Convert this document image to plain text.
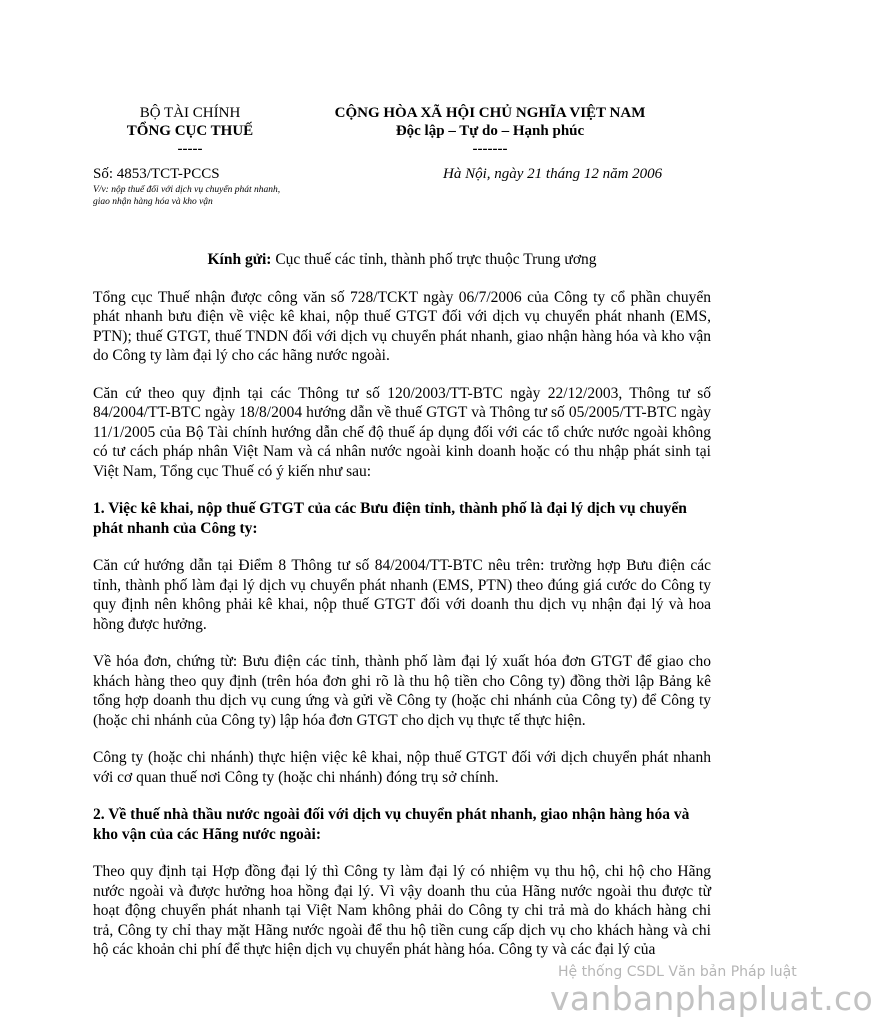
BỘ TÀI CHÍNH
TỔNG CỤC THUẾ
-----
CỘNG HÒA XÃ HỘI CHỦ NGHĨA VIỆT NAM
Độc lập – Tự do – Hạnh phúc
-------
Số: 4853/TCT-PCCS
V/v: nộp thuế đối với dịch vụ chuyển phát nhanh, giao nhận hàng hóa và kho vận
Hà Nội, ngày 21 tháng 12 năm 2006
Kính gửi: Cục thuế các tỉnh, thành phố trực thuộc Trung ương

Tổng cục Thuế nhận được công văn số 728/TCKT ngày 06/7/2006 của Công ty cổ phần chuyển phát nhanh bưu điện về việc kê khai, nộp thuế GTGT đối với dịch vụ chuyển phát nhanh (EMS, PTN); thuế GTGT, thuế TNDN đối với dịch vụ chuyển phát nhanh, giao nhận hàng hóa và kho vận do Công ty làm đại lý cho các hãng nước ngoài.

Căn cứ theo quy định tại các Thông tư số 120/2003/TT-BTC ngày 22/12/2003, Thông tư số 84/2004/TT-BTC ngày 18/8/2004 hướng dẫn về thuế GTGT và Thông tư số 05/2005/TT-BTC ngày 11/1/2005 của Bộ Tài chính hướng dẫn chế độ thuế áp dụng đối với các tổ chức nước ngoài không có tư cách pháp nhân Việt Nam và cá nhân nước ngoài kinh doanh hoặc có thu nhập phát sinh tại Việt Nam, Tổng cục Thuế có ý kiến như sau:

1. Việc kê khai, nộp thuế GTGT của các Bưu điện tỉnh, thành phố là đại lý dịch vụ chuyển phát nhanh của Công ty:

Căn cứ hướng dẫn tại Điểm 8 Thông tư số 84/2004/TT-BTC nêu trên: trường hợp Bưu điện các tỉnh, thành phố làm đại lý dịch vụ chuyển phát nhanh (EMS, PTN) theo đúng giá cước do Công ty quy định nên không phải kê khai, nộp thuế GTGT đối với doanh thu dịch vụ nhận đại lý và hoa hồng được hưởng.

Về hóa đơn, chứng từ: Bưu điện các tỉnh, thành phố làm đại lý xuất hóa đơn GTGT để giao cho khách hàng theo quy định (trên hóa đơn ghi rõ là thu hộ tiền cho Công ty) đồng thời lập Bảng kê tổng hợp doanh thu dịch vụ cung ứng và gửi về Công ty (hoặc chi nhánh của Công ty) để Công ty (hoặc chi nhánh của Công ty) lập hóa đơn GTGT cho dịch vụ thực tế thực hiện.

Công ty (hoặc chi nhánh) thực hiện việc kê khai, nộp thuế GTGT đối với dịch chuyển phát nhanh với cơ quan thuế nơi Công ty (hoặc chi nhánh) đóng trụ sở chính.

2. Về thuế nhà thầu nước ngoài đối với dịch vụ chuyển phát nhanh, giao nhận hàng hóa và kho vận của các Hãng nước ngoài:

Theo quy định tại Hợp đồng đại lý thì Công ty làm đại lý có nhiệm vụ thu hộ, chi hộ cho Hãng nước ngoài và được hưởng hoa hồng đại lý. Vì vậy doanh thu của Hãng nước ngoài thu được từ hoạt động chuyển phát nhanh tại Việt Nam không phải do Công ty chi trả mà do khách hàng chi trả, Công ty chỉ thay mặt Hãng nước ngoài để thu hộ tiền cung cấp dịch vụ cho khách hàng và chi hộ các khoản chi phí để thực hiện dịch vụ chuyển phát hàng hóa. Công ty và các đại lý của

Hệ thống CSDL Văn bản Pháp luật
vanbanphapluat.co
